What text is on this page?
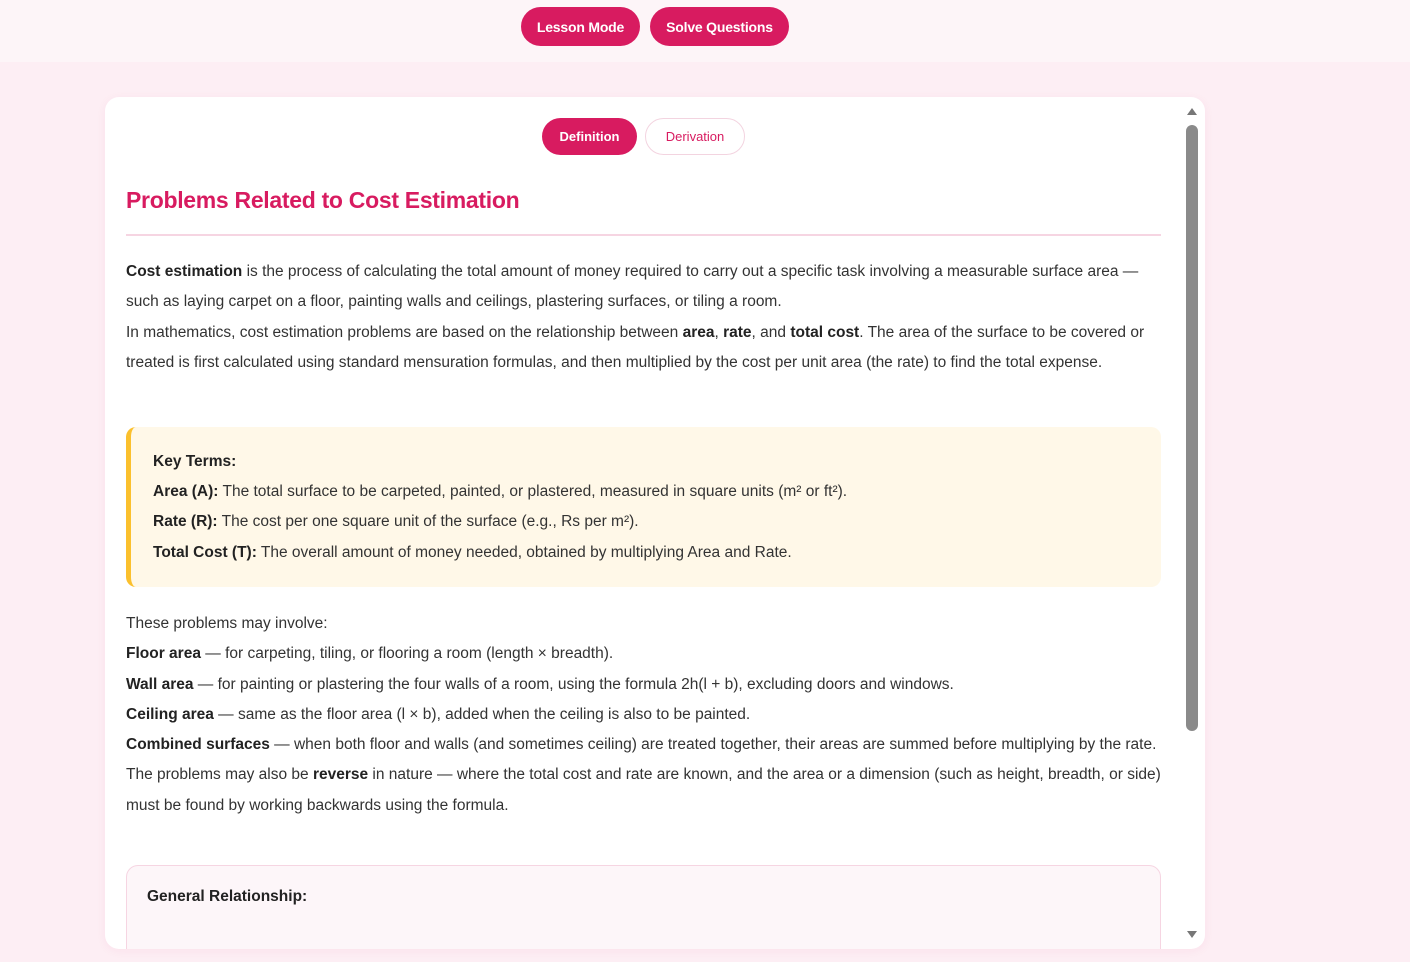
Lesson Mode	Solve Questions
Definition	Derivation
Problems Related to Cost Estimation
Cost estimation is the process of calculating the total amount of money required to carry out a specific task involving a measurable surface area — such as laying carpet on a floor, painting walls and ceilings, plastering surfaces, or tiling a room.
In mathematics, cost estimation problems are based on the relationship between area, rate, and total cost. The area of the surface to be covered or treated is first calculated using standard mensuration formulas, and then multiplied by the cost per unit area (the rate) to find the total expense.
Key Terms:
Area (A): The total surface to be carpeted, painted, or plastered, measured in square units (m² or ft²).
Rate (R): The cost per one square unit of the surface (e.g., Rs per m²).
Total Cost (T): The overall amount of money needed, obtained by multiplying Area and Rate.
These problems may involve:
Floor area — for carpeting, tiling, or flooring a room (length × breadth).
Wall area — for painting or plastering the four walls of a room, using the formula 2h(l + b), excluding doors and windows.
Ceiling area — same as the floor area (l × b), added when the ceiling is also to be painted.
Combined surfaces — when both floor and walls (and sometimes ceiling) are treated together, their areas are summed before multiplying by the rate.
The problems may also be reverse in nature — where the total cost and rate are known, and the area or a dimension (such as height, breadth, or side) must be found by working backwards using the formula.
General Relationship:
